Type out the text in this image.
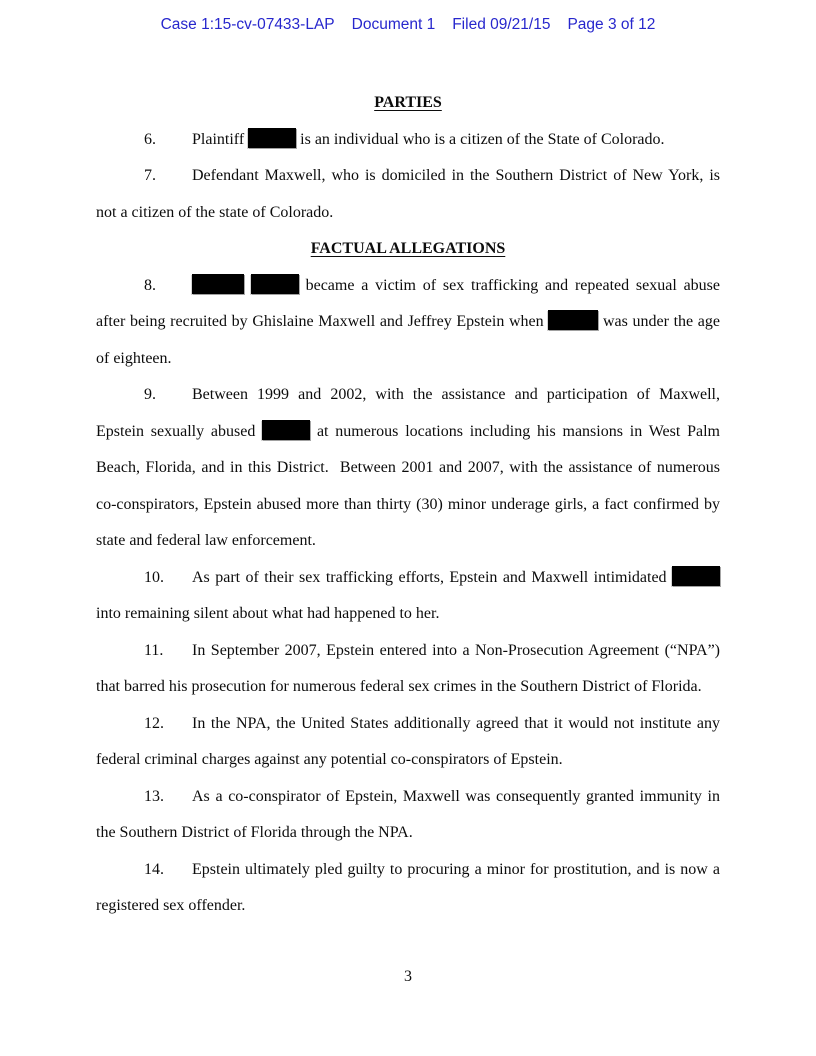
Case 1:15-cv-07433-LAP Document 1 Filed 09/21/15 Page 3 of 12
PARTIES

6. Plaintiff	is an individual who is a citizen of the State of Colorado.

7. Defendant Maxwell, who is domiciled in the Southern District of New York, is not a citizen of the state of Colorado.

FACTUAL ALLEGATIONS

8.	became a victim of sex trafficking and repeated sexual abuse after being recruited by Ghislaine Maxwell and Jeffrey Epstein when	was under the age of eighteen.

9. Between 1999 and 2002, with the assistance and participation of Maxwell, Epstein sexually abused	at numerous locations including his mansions in West Palm Beach, Florida, and in this District.  Between 2001 and 2007, with the assistance of numerous co-conspirators, Epstein abused more than thirty (30) minor underage girls, a fact confirmed by state and federal law enforcement.

10. As part of their sex trafficking efforts, Epstein and Maxwell intimidated  into remaining silent about what had happened to her.

11. In September 2007, Epstein entered into a Non-Prosecution Agreement (“NPA”) that barred his prosecution for numerous federal sex crimes in the Southern District of Florida.

12. In the NPA, the United States additionally agreed that it would not institute any federal criminal charges against any potential co-conspirators of Epstein.

13. As a co-conspirator of Epstein, Maxwell was consequently granted immunity in the Southern District of Florida through the NPA.

14. Epstein ultimately pled guilty to procuring a minor for prostitution, and is now a registered sex offender.

3
